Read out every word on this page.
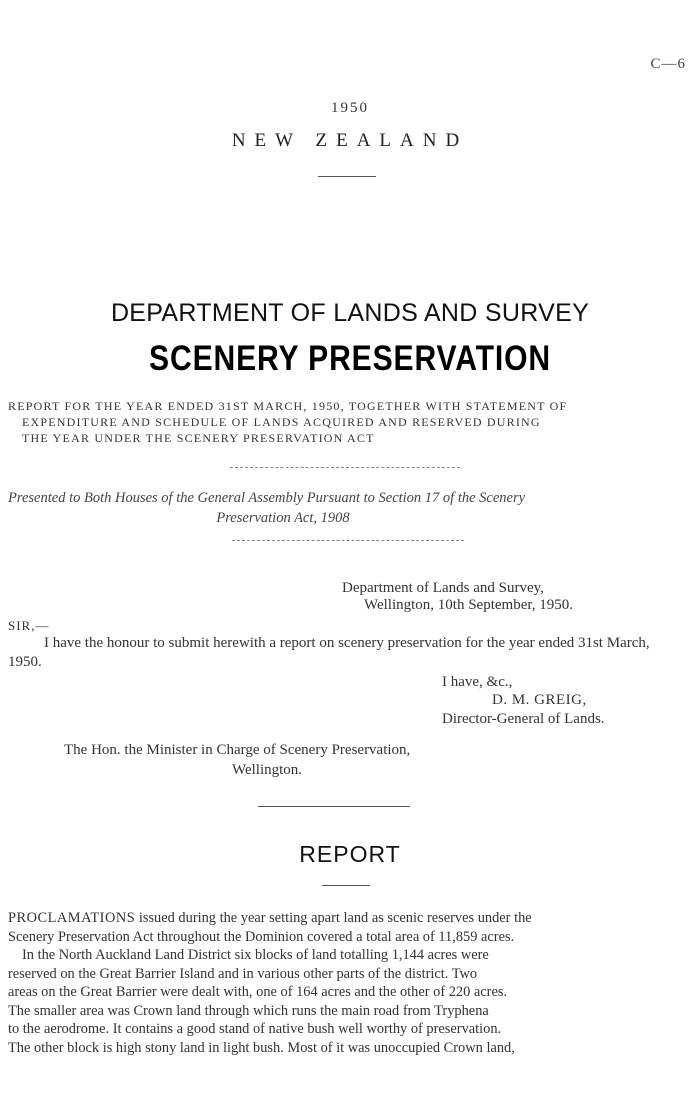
C—6
1950
NEW ZEALAND
DEPARTMENT OF LANDS AND SURVEY
SCENERY PRESERVATION
REPORT FOR THE YEAR ENDED 31ST MARCH, 1950, TOGETHER WITH STATEMENT OF
EXPENDITURE AND SCHEDULE OF LANDS ACQUIRED AND RESERVED DURING
THE YEAR UNDER THE SCENERY PRESERVATION ACT
Presented to Both Houses of the General Assembly Pursuant to Section 17 of the Scenery
Preservation Act, 1908
Department of Lands and Survey,
Wellington, 10th September, 1950.
SIR,—
I have the honour to submit herewith a report on scenery preservation for the year ended 31st March, 1950.
I have, &c.,
D. M. GREIG,
Director-General of Lands.
The Hon. the Minister in Charge of Scenery Preservation,
Wellington.
REPORT
PROCLAMATIONS issued during the year setting apart land as scenic reserves under the
Scenery Preservation Act throughout the Dominion covered a total area of 11,859 acres.
In the North Auckland Land District six blocks of land totalling 1,144 acres were
reserved on the Great Barrier Island and in various other parts of the district. Two
areas on the Great Barrier were dealt with, one of 164 acres and the other of 220 acres.
The smaller area was Crown land through which runs the main road from Tryphena
to the aerodrome. It contains a good stand of native bush well worthy of preservation.
The other block is high stony land in light bush. Most of it was unoccupied Crown land,
